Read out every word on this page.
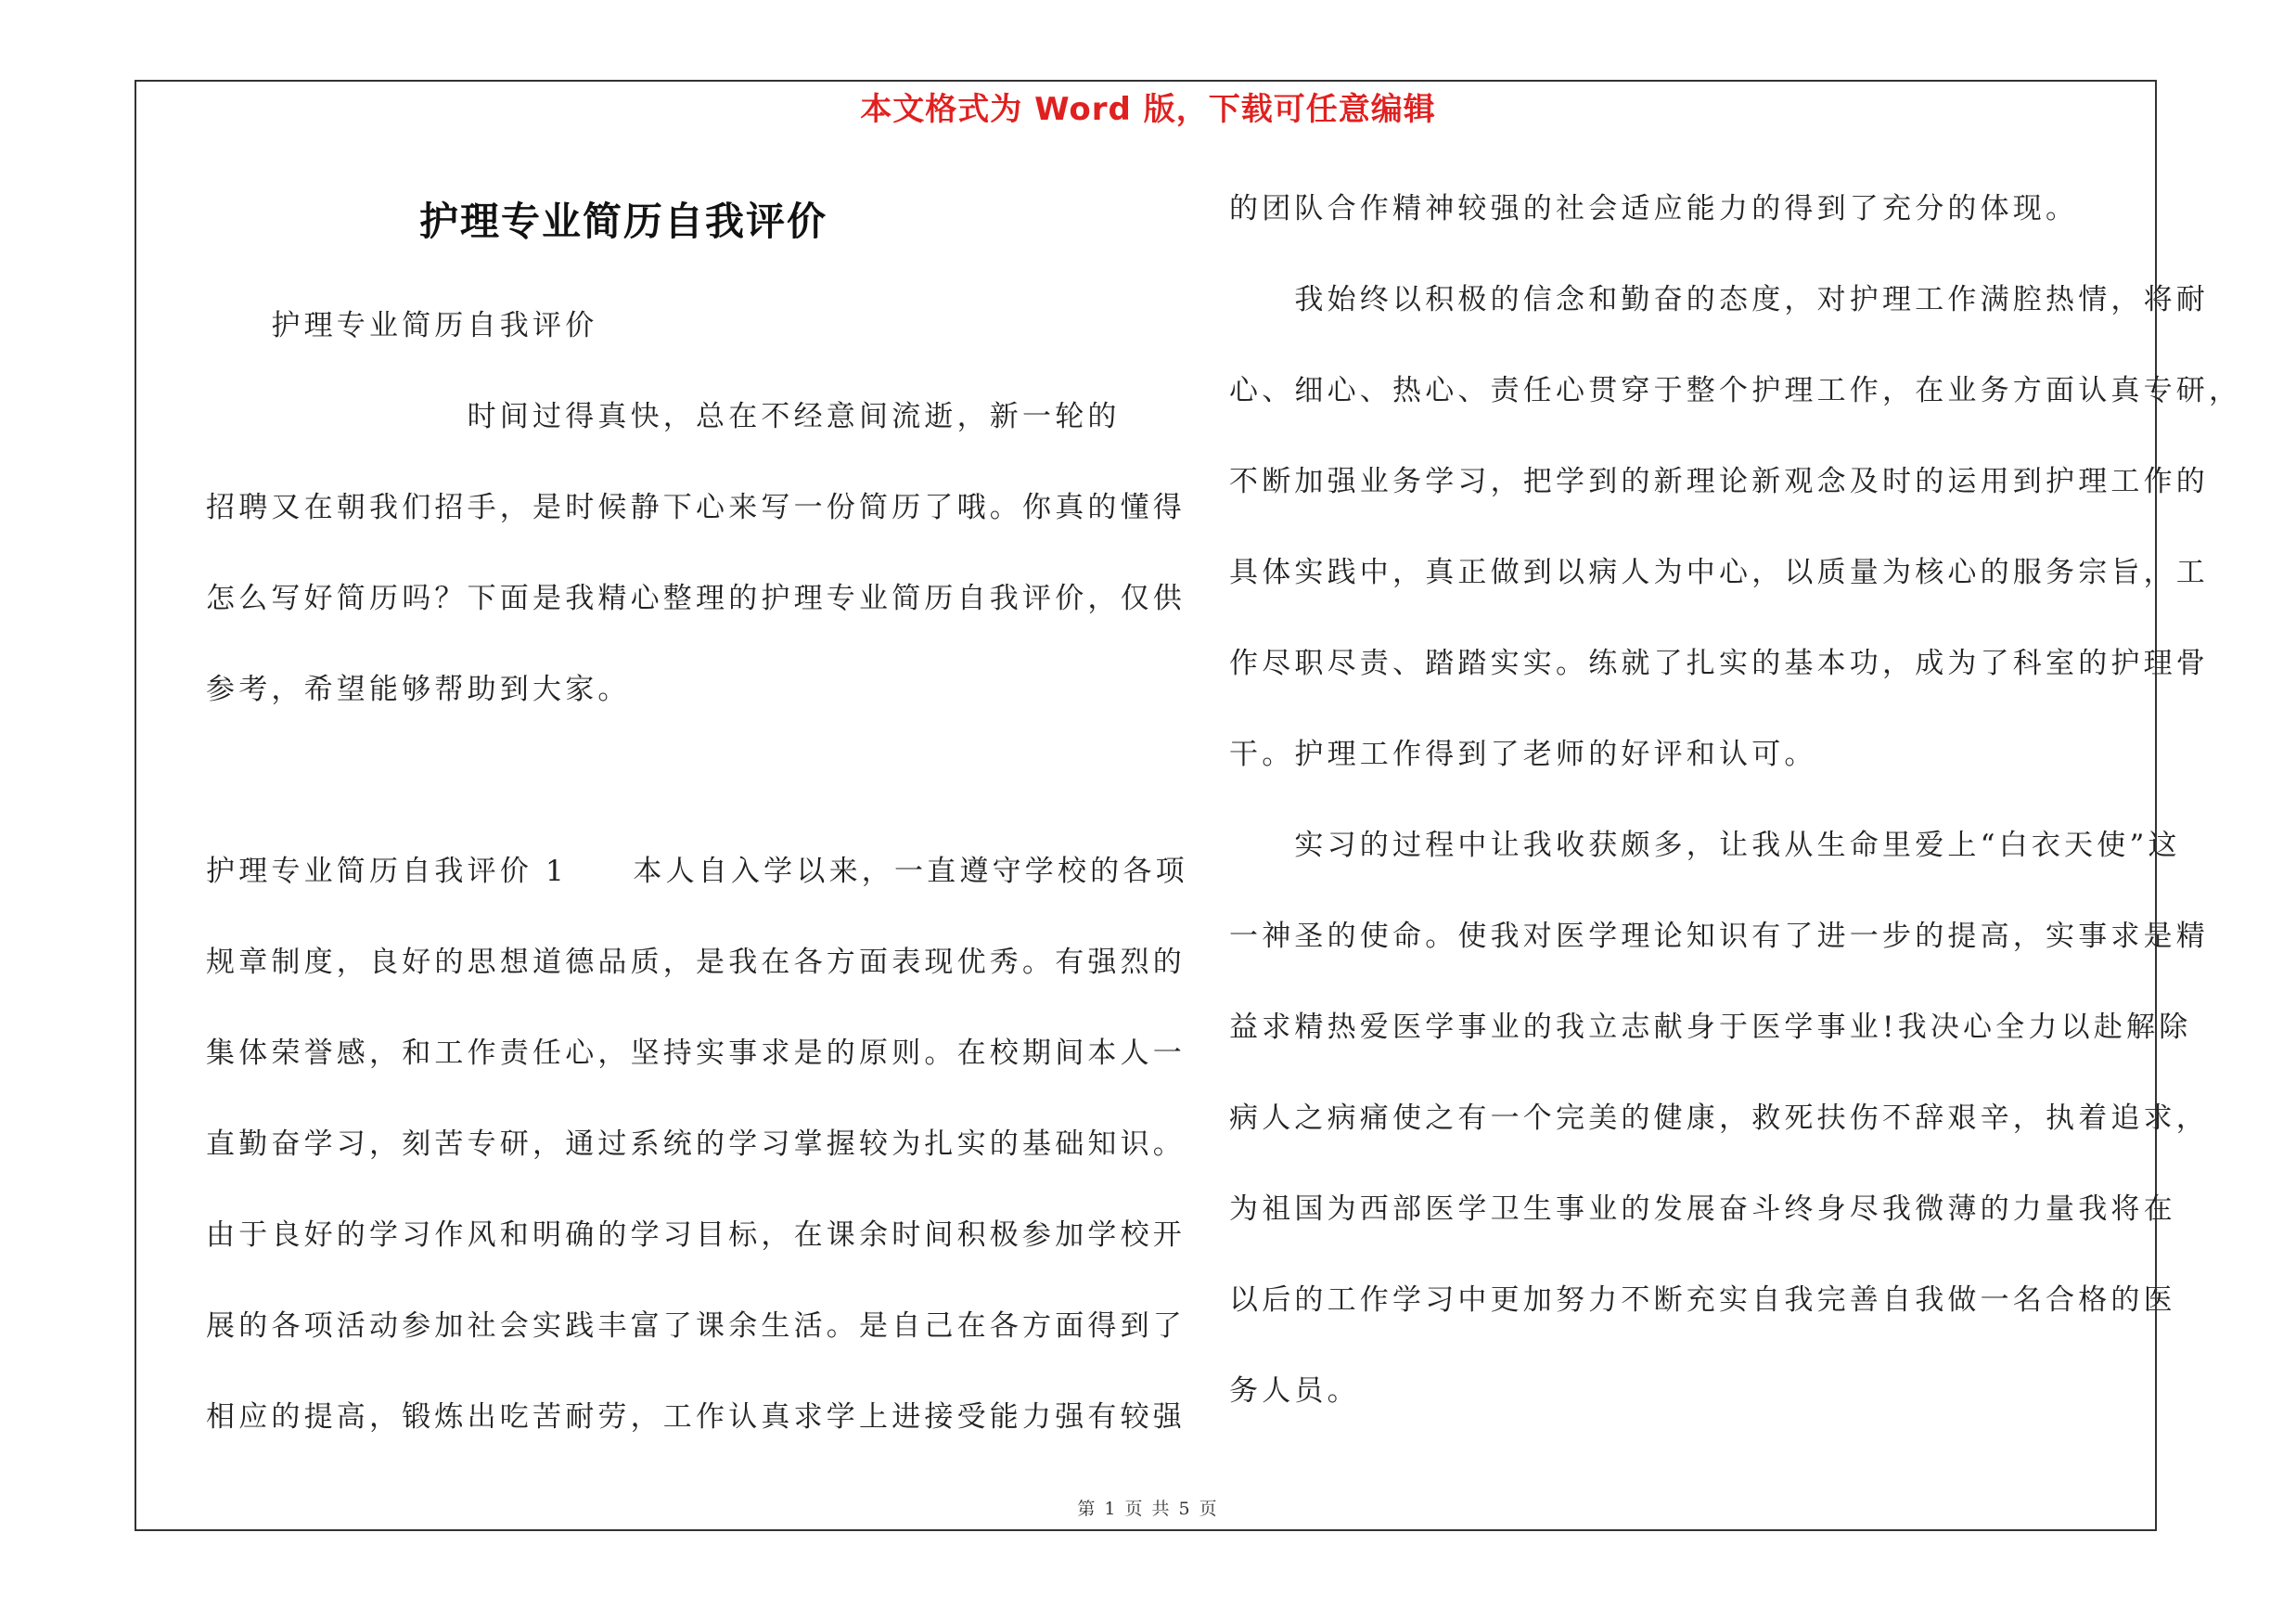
本文格式为 Word 版，下载可任意编辑
护理专业简历自我评价
　　护理专业简历自我评价
　　　　　　　　时间过得真快，总在不经意间流逝，新一轮的
招聘又在朝我们招手，是时候静下心来写一份简历了哦。你真的懂得
怎么写好简历吗？下面是我精心整理的护理专业简历自我评价，仅供
参考，希望能够帮助到大家。
护理专业简历自我评价 1　　本人自入学以来，一直遵守学校的各项
规章制度，良好的思想道德品质，是我在各方面表现优秀。有强烈的
集体荣誉感，和工作责任心，坚持实事求是的原则。在校期间本人一
直勤奋学习，刻苦专研，通过系统的学习掌握较为扎实的基础知识。
由于良好的学习作风和明确的学习目标，在课余时间积极参加学校开
展的各项活动参加社会实践丰富了课余生活。是自己在各方面得到了
相应的提高，锻炼出吃苦耐劳，工作认真求学上进接受能力强有较强
的团队合作精神较强的社会适应能力的得到了充分的体现。
　　我始终以积极的信念和勤奋的态度，对护理工作满腔热情，将耐
心、细心、热心、责任心贯穿于整个护理工作，在业务方面认真专研，
不断加强业务学习，把学到的新理论新观念及时的运用到护理工作的
具体实践中，真正做到以病人为中心，以质量为核心的服务宗旨，工
作尽职尽责、踏踏实实。练就了扎实的基本功，成为了科室的护理骨
干。护理工作得到了老师的好评和认可。
　　实习的过程中让我收获颇多，让我从生命里爱上“白衣天使”这
一神圣的使命。使我对医学理论知识有了进一步的提高，实事求是精
益求精热爱医学事业的我立志献身于医学事业!我决心全力以赴解除
病人之病痛使之有一个完美的健康，救死扶伤不辞艰辛，执着追求，
为祖国为西部医学卫生事业的发展奋斗终身尽我微薄的力量我将在
以后的工作学习中更加努力不断充实自我完善自我做一名合格的医
务人员。
第 1 页 共 5 页
